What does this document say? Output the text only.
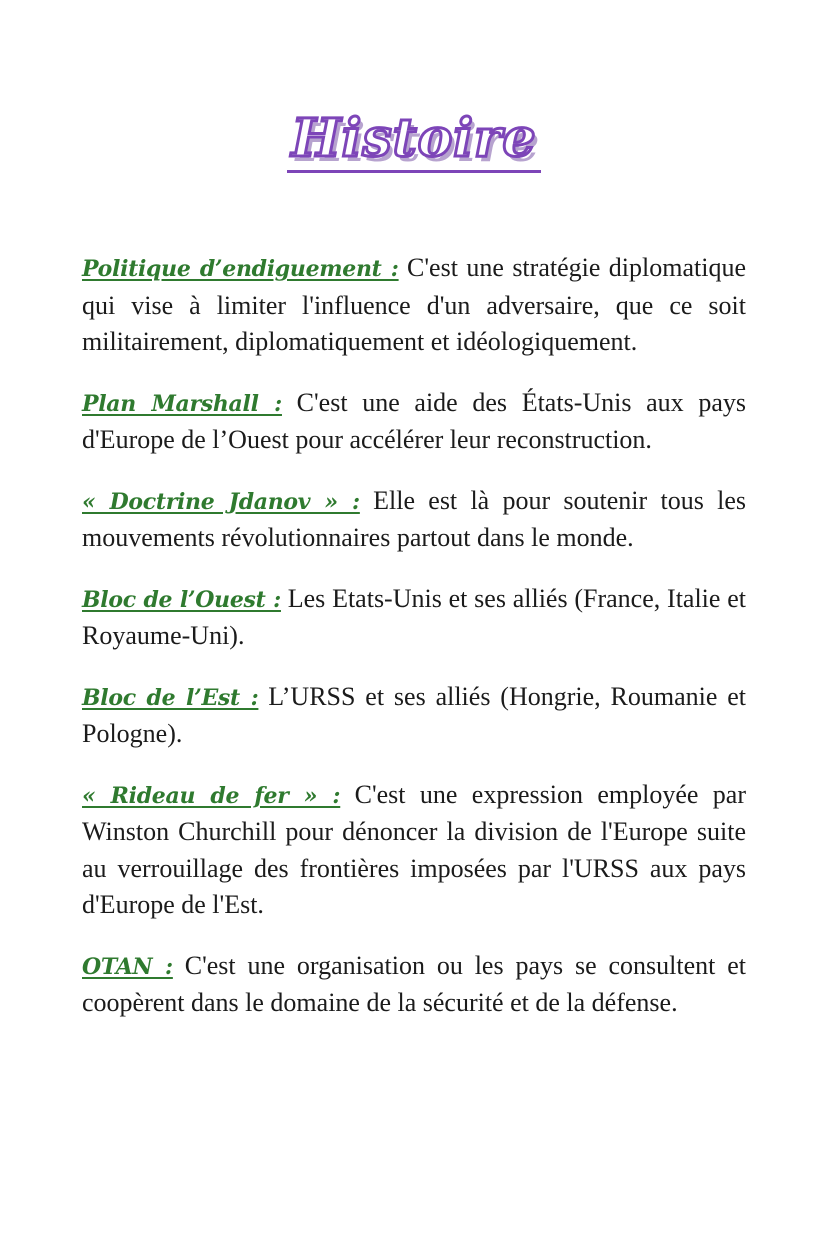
Histoire

Politique d’endiguement : C'est une stratégie diplomatique qui vise à limiter l'influence d'un adversaire, que ce soit militairement, diplomatiquement et idéologiquement.

Plan Marshall : C'est une aide des États-Unis aux pays d'Europe de l’Ouest pour accélérer leur reconstruction.

« Doctrine Jdanov » : Elle est là pour soutenir tous les mouvements révolutionnaires partout dans le monde.

Bloc de l’Ouest : Les Etats-Unis et ses alliés (France, Italie et Royaume-Uni).

Bloc de l’Est : L’URSS et ses alliés (Hongrie, Roumanie et Pologne).

« Rideau de fer » : C'est une expression employée par Winston Churchill pour dénoncer la division de l'Europe suite au verrouillage des frontières imposées par l'URSS aux pays d'Europe de l'Est.

OTAN : C'est une organisation ou les pays se consultent et coopèrent dans le domaine de la sécurité et de la défense.
